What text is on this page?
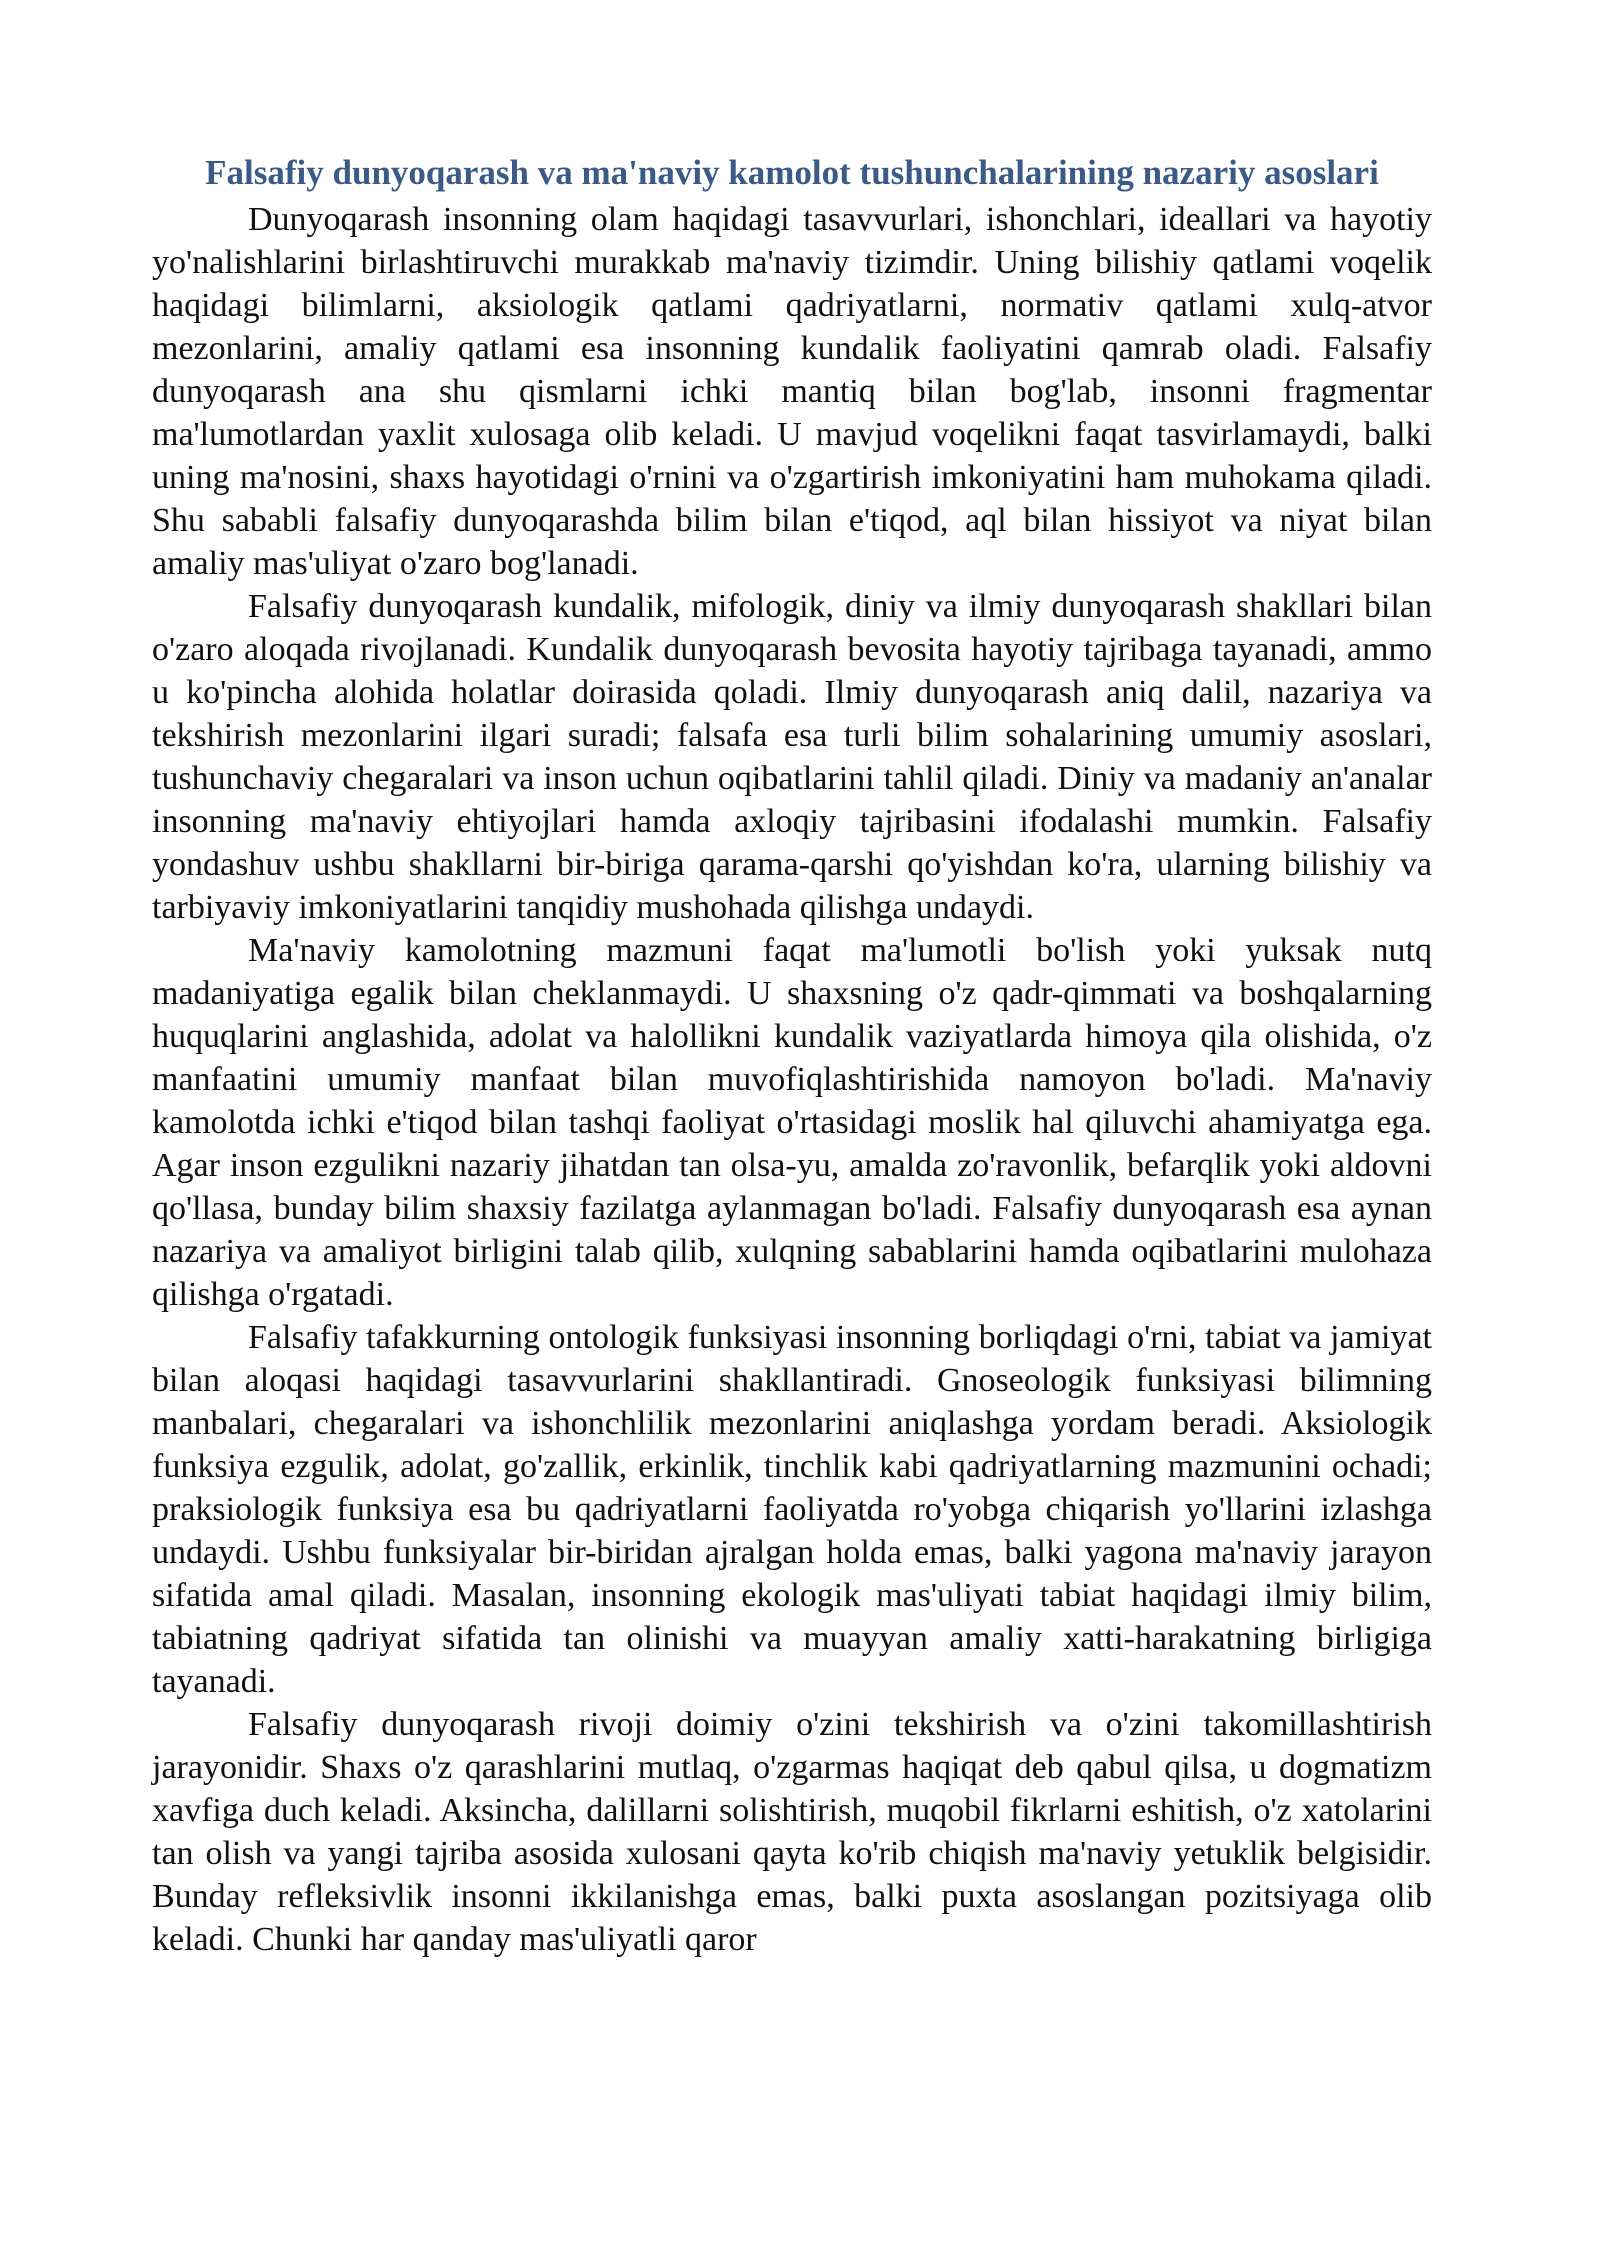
Falsafiy dunyoqarash va ma'naviy kamolot tushunchalarining nazariy asoslari

Dunyoqarash insonning olam haqidagi tasavvurlari, ishonchlari, ideallari va hayotiy yo'nalishlarini birlashtiruvchi murakkab ma'naviy tizimdir. Uning bilishiy qatlami voqelik haqidagi bilimlarni, aksiologik qatlami qadriyatlarni, normativ qatlami xulq-atvor mezonlarini, amaliy qatlami esa insonning kundalik faoliyatini qamrab oladi. Falsafiy dunyoqarash ana shu qismlarni ichki mantiq bilan bog'lab, insonni fragmentar ma'lumotlardan yaxlit xulosaga olib keladi. U mavjud voqelikni faqat tasvirlamaydi, balki uning ma'nosini, shaxs hayotidagi o'rnini va o'zgartirish imkoniyatini ham muhokama qiladi. Shu sababli falsafiy dunyoqarashda bilim bilan e'tiqod, aql bilan hissiyot va niyat bilan amaliy mas'uliyat o'zaro bog'lanadi.

Falsafiy dunyoqarash kundalik, mifologik, diniy va ilmiy dunyoqarash shakllari bilan o'zaro aloqada rivojlanadi. Kundalik dunyoqarash bevosita hayotiy tajribaga tayanadi, ammo u ko'pincha alohida holatlar doirasida qoladi. Ilmiy dunyoqarash aniq dalil, nazariya va tekshirish mezonlarini ilgari suradi; falsafa esa turli bilim sohalarining umumiy asoslari, tushunchaviy chegaralari va inson uchun oqibatlarini tahlil qiladi. Diniy va madaniy an'analar insonning ma'naviy ehtiyojlari hamda axloqiy tajribasini ifodalashi mumkin. Falsafiy yondashuv ushbu shakllarni bir-biriga qarama-qarshi qo'yishdan ko'ra, ularning bilishiy va tarbiyaviy imkoniyatlarini tanqidiy mushohada qilishga undaydi.

Ma'naviy kamolotning mazmuni faqat ma'lumotli bo'lish yoki yuksak nutq madaniyatiga egalik bilan cheklanmaydi. U shaxsning o'z qadr-qimmati va boshqalarning huquqlarini anglashida, adolat va halollikni kundalik vaziyatlarda himoya qila olishida, o'z manfaatini umumiy manfaat bilan muvofiqlashtirishida namoyon bo'ladi. Ma'naviy kamolotda ichki e'tiqod bilan tashqi faoliyat o'rtasidagi moslik hal qiluvchi ahamiyatga ega. Agar inson ezgulikni nazariy jihatdan tan olsa-yu, amalda zo'ravonlik, befarqlik yoki aldovni qo'llasa, bunday bilim shaxsiy fazilatga aylanmagan bo'ladi. Falsafiy dunyoqarash esa aynan nazariya va amaliyot birligini talab qilib, xulqning sabablarini hamda oqibatlarini mulohaza qilishga o'rgatadi.

Falsafiy tafakkurning ontologik funksiyasi insonning borliqdagi o'rni, tabiat va jamiyat bilan aloqasi haqidagi tasavvurlarini shakllantiradi. Gnoseologik funksiyasi bilimning manbalari, chegaralari va ishonchlilik mezonlarini aniqlashga yordam beradi. Aksiologik funksiya ezgulik, adolat, go'zallik, erkinlik, tinchlik kabi qadriyatlarning mazmunini ochadi; praksiologik funksiya esa bu qadriyatlarni faoliyatda ro'yobga chiqarish yo'llarini izlashga undaydi. Ushbu funksiyalar bir-biridan ajralgan holda emas, balki yagona ma'naviy jarayon sifatida amal qiladi. Masalan, insonning ekologik mas'uliyati tabiat haqidagi ilmiy bilim, tabiatning qadriyat sifatida tan olinishi va muayyan amaliy xatti-harakatning birligiga tayanadi.

Falsafiy dunyoqarash rivoji doimiy o'zini tekshirish va o'zini takomillashtirish jarayonidir. Shaxs o'z qarashlarini mutlaq, o'zgarmas haqiqat deb qabul qilsa, u dogmatizm xavfiga duch keladi. Aksincha, dalillarni solishtirish, muqobil fikrlarni eshitish, o'z xatolarini tan olish va yangi tajriba asosida xulosani qayta ko'rib chiqish ma'naviy yetuklik belgisidir. Bunday refleksivlik insonni ikkilanishga emas, balki puxta asoslangan pozitsiyaga olib keladi. Chunki har qanday mas'uliyatli qaror
